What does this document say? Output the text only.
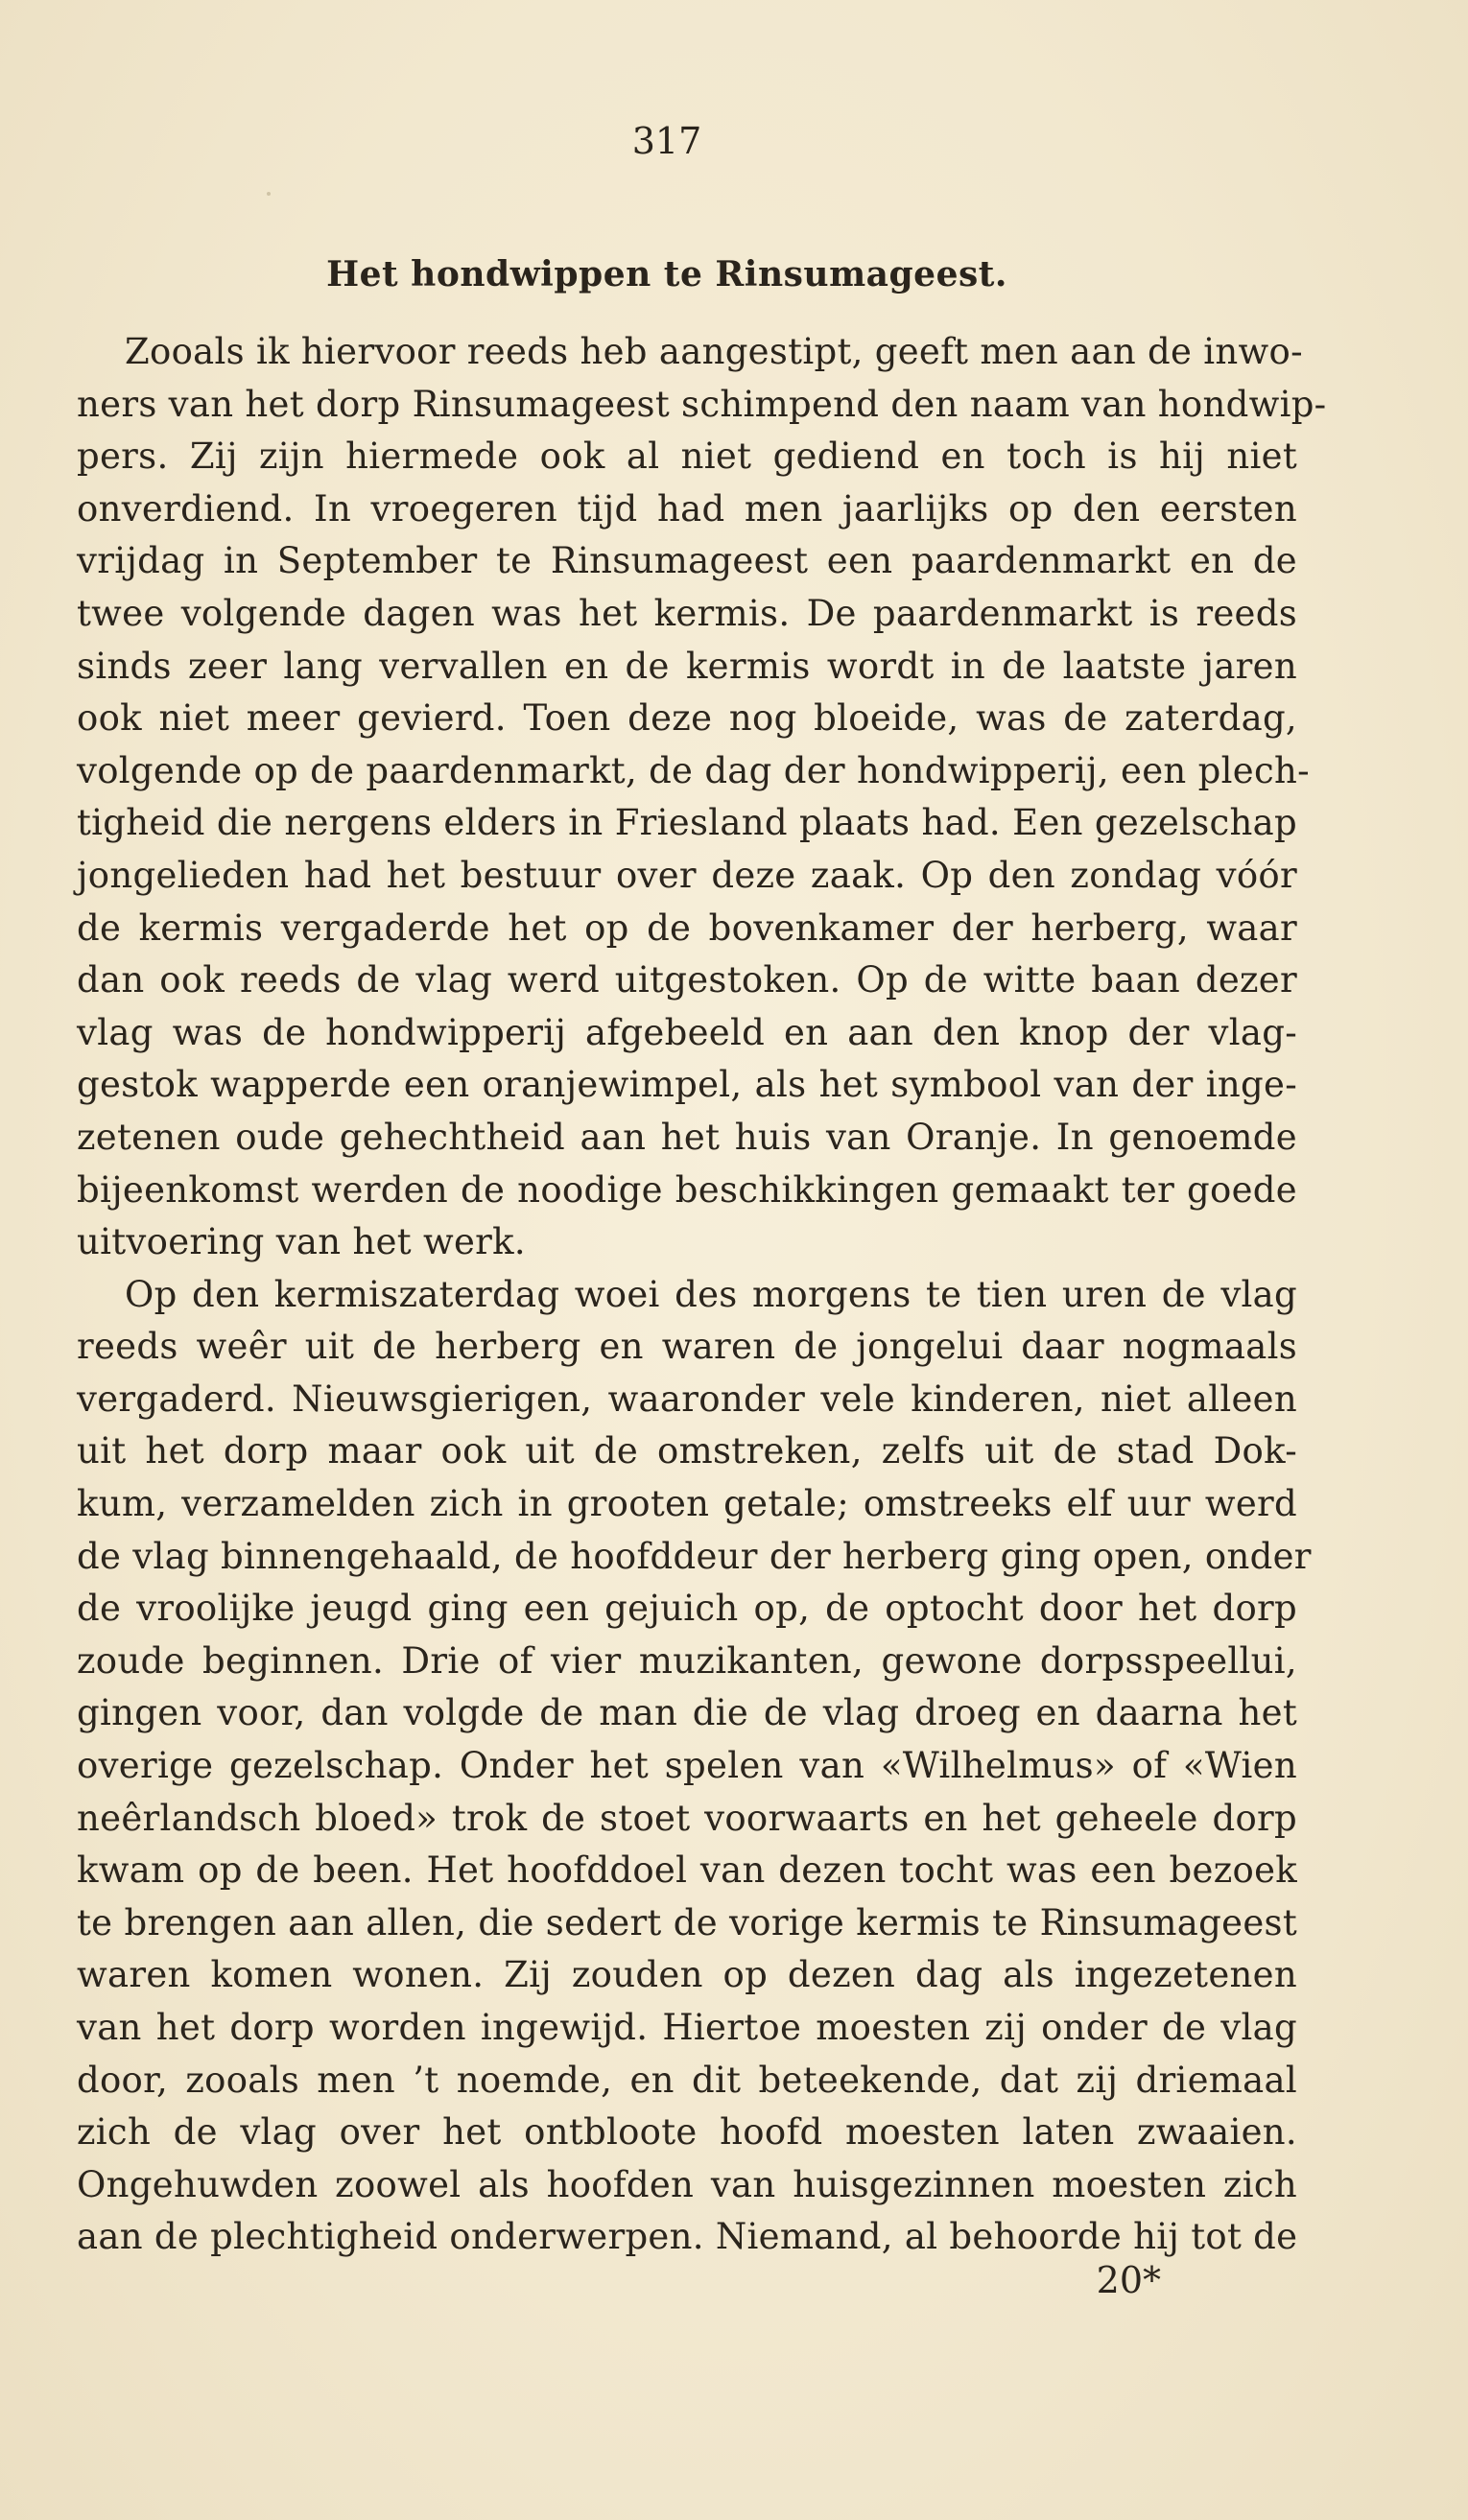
317
Het hondwippen te Rinsumageest.
Zooals ik hiervoor reeds heb aangestipt, geeft men aan de inwo-
ners van het dorp Rinsumageest schimpend den naam van hondwip-
pers. Zij zijn hiermede ook al niet gediend en toch is hij niet
onverdiend. In vroegeren tijd had men jaarlijks op den eersten
vrijdag in September te Rinsumageest een paardenmarkt en de
twee volgende dagen was het kermis. De paardenmarkt is reeds
sinds zeer lang vervallen en de kermis wordt in de laatste jaren
ook niet meer gevierd. Toen deze nog bloeide, was de zaterdag,
volgende op de paardenmarkt, de dag der hondwipperij, een plech-
tigheid die nergens elders in Friesland plaats had. Een gezelschap
jongelieden had het bestuur over deze zaak. Op den zondag vóór
de kermis vergaderde het op de bovenkamer der herberg, waar
dan ook reeds de vlag werd uitgestoken. Op de witte baan dezer
vlag was de hondwipperij afgebeeld en aan den knop der vlag-
gestok wapperde een oranjewimpel, als het symbool van der inge-
zetenen oude gehechtheid aan het huis van Oranje. In genoemde
bijeenkomst werden de noodige beschikkingen gemaakt ter goede
uitvoering van het werk.
Op den kermiszaterdag woei des morgens te tien uren de vlag
reeds weêr uit de herberg en waren de jongelui daar nogmaals
vergaderd. Nieuwsgierigen, waaronder vele kinderen, niet alleen
uit het dorp maar ook uit de omstreken, zelfs uit de stad Dok-
kum, verzamelden zich in grooten getale; omstreeks elf uur werd
de vlag binnengehaald, de hoofddeur der herberg ging open, onder
de vroolijke jeugd ging een gejuich op, de optocht door het dorp
zoude beginnen. Drie of vier muzikanten, gewone dorpsspeellui,
gingen voor, dan volgde de man die de vlag droeg en daarna het
overige gezelschap. Onder het spelen van «Wilhelmus» of «Wien
neêrlandsch bloed» trok de stoet voorwaarts en het geheele dorp
kwam op de been. Het hoofddoel van dezen tocht was een bezoek
te brengen aan allen, die sedert de vorige kermis te Rinsumageest
waren komen wonen. Zij zouden op dezen dag als ingezetenen
van het dorp worden ingewijd. Hiertoe moesten zij onder de vlag
door, zooals men ’t noemde, en dit beteekende, dat zij driemaal
zich de vlag over het ontbloote hoofd moesten laten zwaaien.
Ongehuwden zoowel als hoofden van huisgezinnen moesten zich
aan de plechtigheid onderwerpen. Niemand, al behoorde hij tot de
20*
